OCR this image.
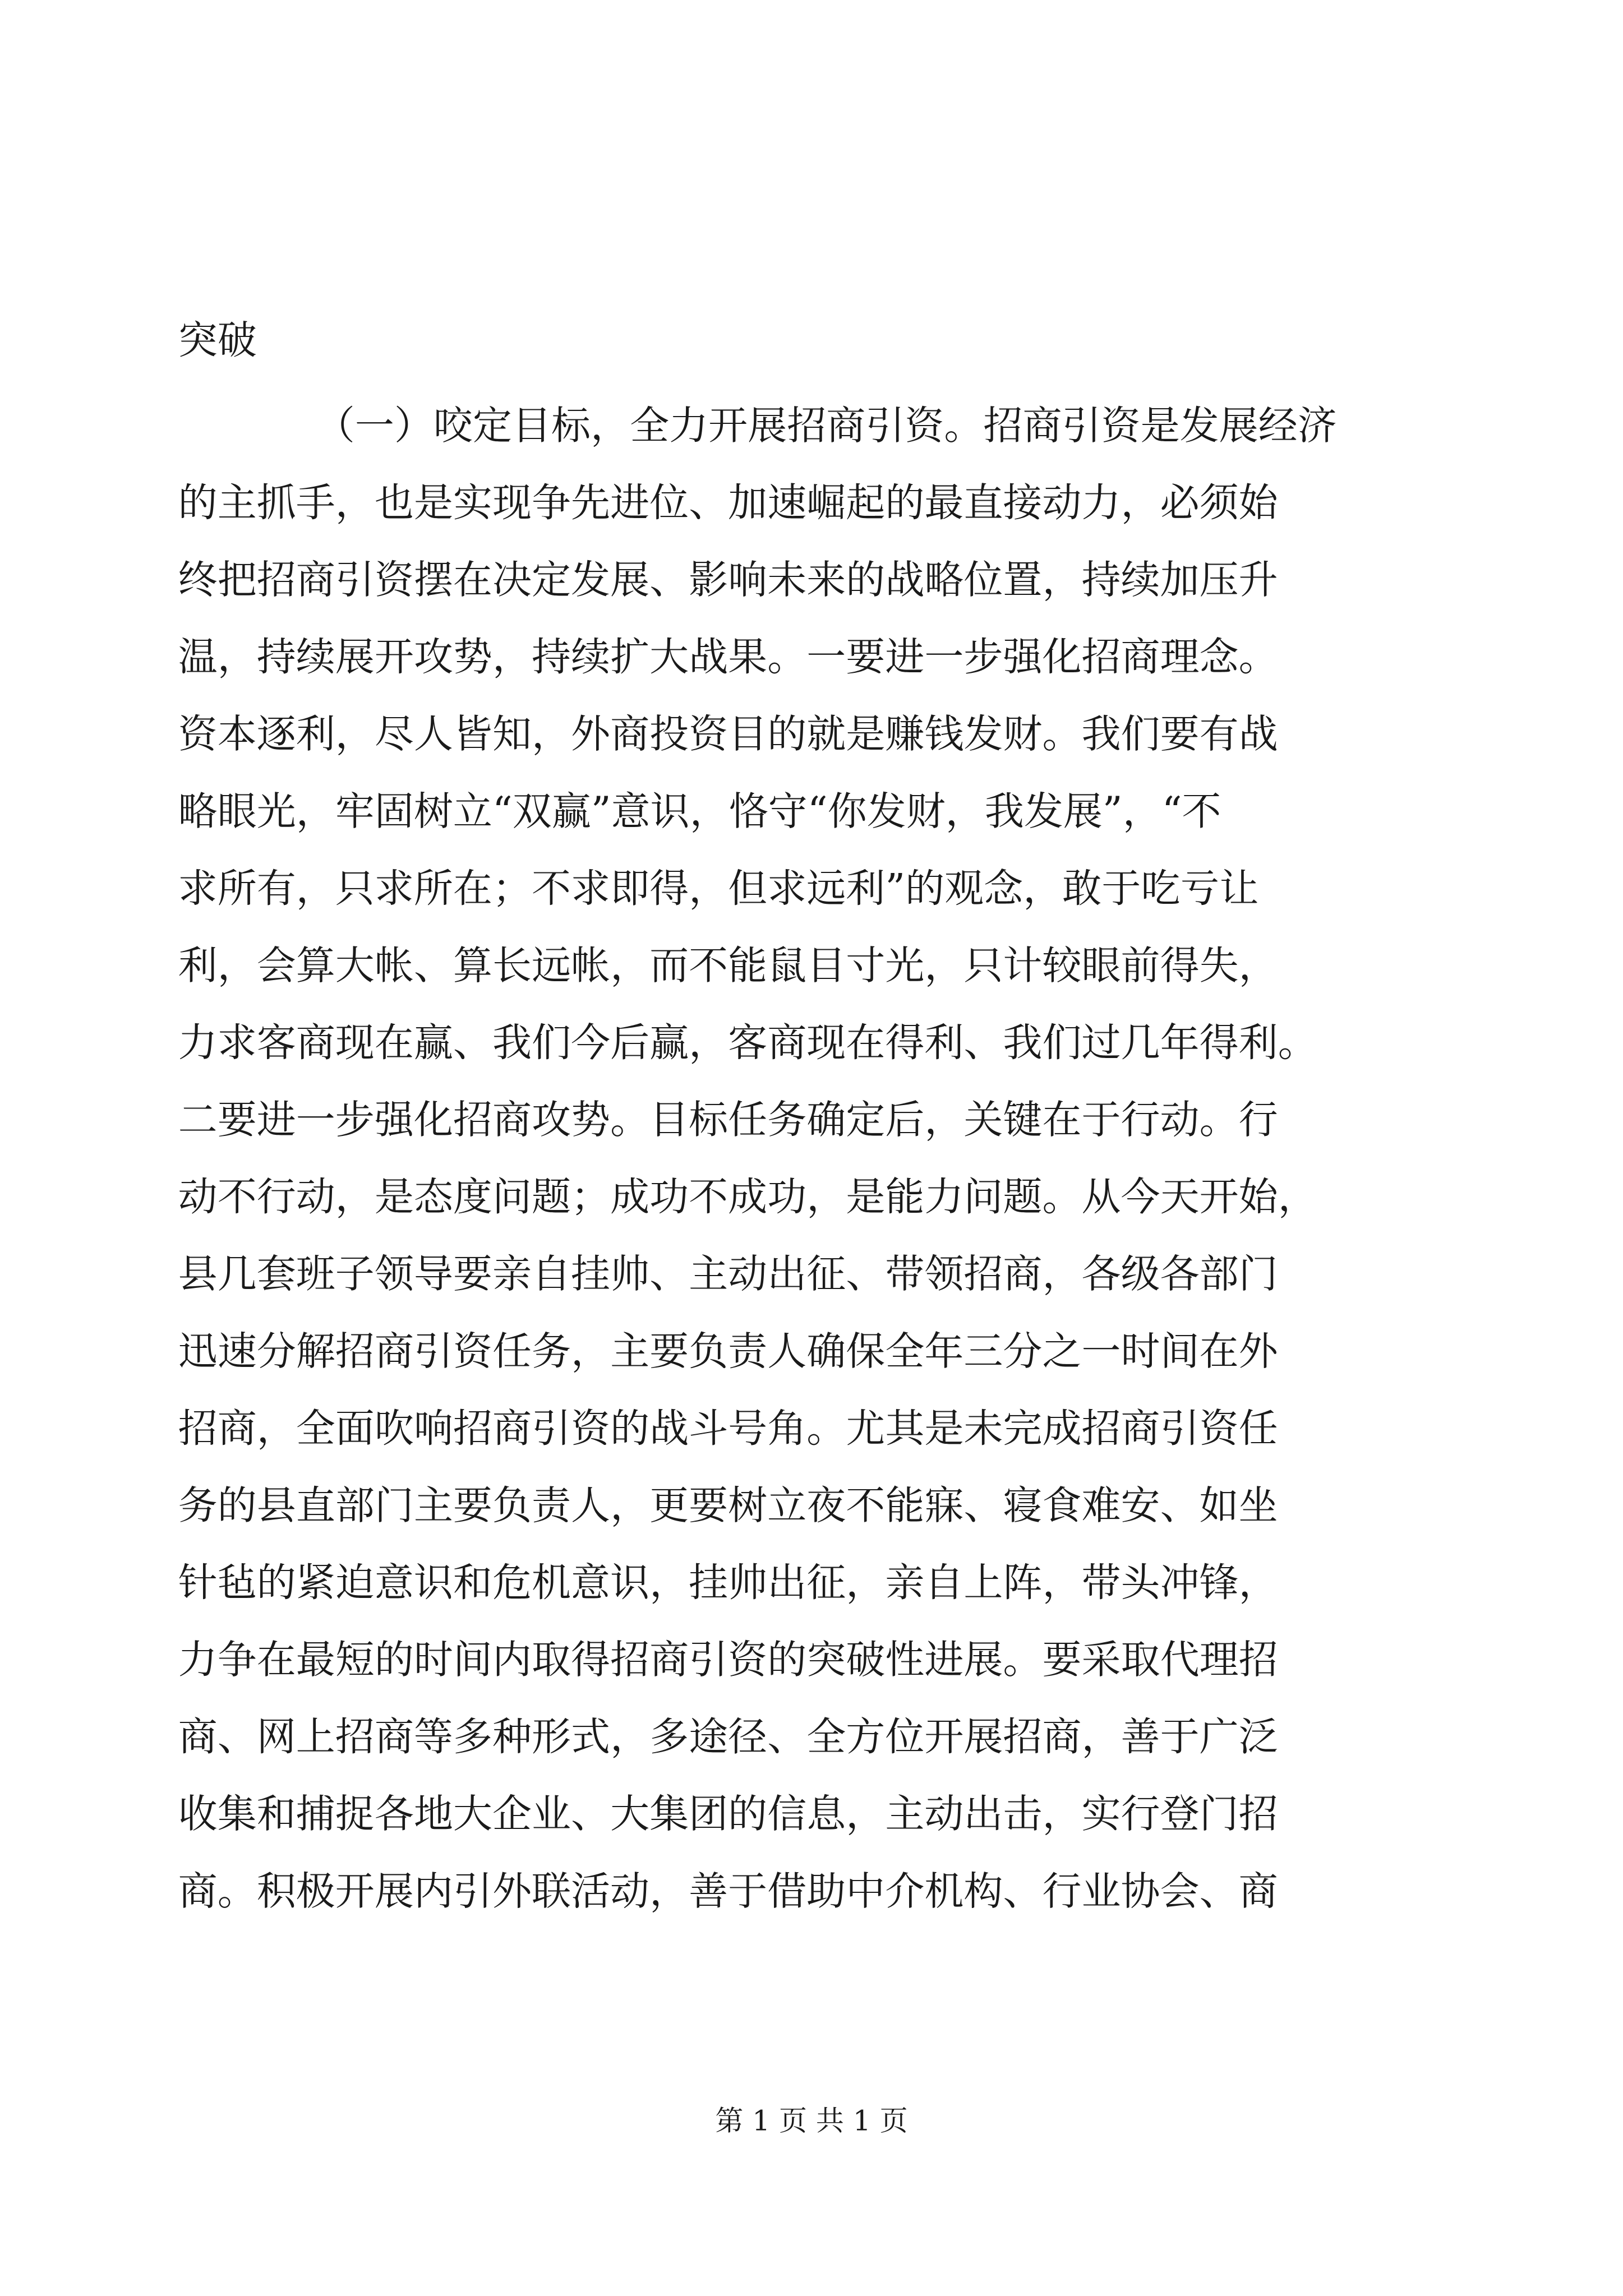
突破
（一）咬定目标，全力开展招商引资。招商引资是发展经济
的主抓手，也是实现争先进位、加速崛起的最直接动力，必须始
终把招商引资摆在决定发展、影响未来的战略位置，持续加压升
温，持续展开攻势，持续扩大战果。一要进一步强化招商理念。
资本逐利，尽人皆知，外商投资目的就是赚钱发财。我们要有战
略眼光，牢固树立“双赢”意识，恪守“你发财，我发展”，“不
求所有，只求所在；不求即得，但求远利”的观念，敢于吃亏让
利，会算大帐、算长远帐，而不能鼠目寸光，只计较眼前得失，
力求客商现在赢、我们今后赢，客商现在得利、我们过几年得利。
二要进一步强化招商攻势。目标任务确定后，关键在于行动。行
动不行动，是态度问题；成功不成功，是能力问题。从今天开始，
县几套班子领导要亲自挂帅、主动出征、带领招商，各级各部门
迅速分解招商引资任务，主要负责人确保全年三分之一时间在外
招商，全面吹响招商引资的战斗号角。尤其是未完成招商引资任
务的县直部门主要负责人，更要树立夜不能寐、寝食难安、如坐
针毡的紧迫意识和危机意识，挂帅出征，亲自上阵，带头冲锋，
力争在最短的时间内取得招商引资的突破性进展。要采取代理招
商、网上招商等多种形式，多途径、全方位开展招商，善于广泛
收集和捕捉各地大企业、大集团的信息，主动出击，实行登门招
商。积极开展内引外联活动，善于借助中介机构、行业协会、商
第 1 页 共 1 页
